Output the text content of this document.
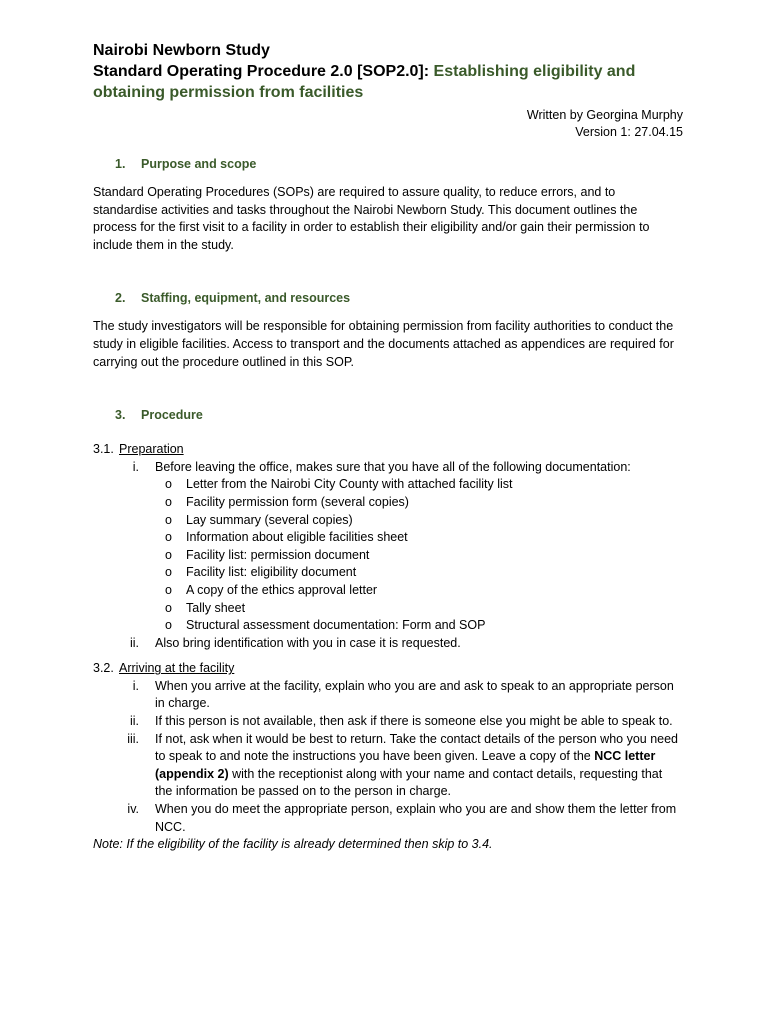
Nairobi Newborn Study
Standard Operating Procedure 2.0 [SOP2.0]: Establishing eligibility and
obtaining permission from facilities
Written by Georgina Murphy
Version 1: 27.04.15
1. Purpose and scope

Standard Operating Procedures (SOPs) are required to assure quality, to reduce errors, and to standardise activities and tasks throughout the Nairobi Newborn Study. This document outlines the process for the first visit to a facility in order to establish their eligibility and/or gain their permission to include them in the study.

2. Staffing, equipment, and resources

The study investigators will be responsible for obtaining permission from facility authorities to conduct the study in eligible facilities. Access to transport and the documents attached as appendices are required for carrying out the procedure outlined in this SOP.

3. Procedure
3.1. Preparation
i.	Before leaving the office, makes sure that you have all of the following documentation:
o	Letter from the Nairobi City County with attached facility list
o	Facility permission form (several copies)
o	Lay summary (several copies)
o	Information about eligible facilities sheet
o	Facility list: permission document
o	Facility list: eligibility document
o	A copy of the ethics approval letter
o	Tally sheet
o	Structural assessment documentation: Form and SOP
ii.	Also bring identification with you in case it is requested.
3.2. Arriving at the facility
i.	When you arrive at the facility, explain who you are and ask to speak to an appropriate person in charge.
ii.	If this person is not available, then ask if there is someone else you might be able to speak to.
iii.	If not, ask when it would be best to return. Take the contact details of the person who you need to speak to and note the instructions you have been given. Leave a copy of the NCC letter (appendix 2) with the receptionist along with your name and contact details, requesting that the information be passed on to the person in charge.
iv.	When you do meet the appropriate person, explain who you are and show them the letter from NCC.
Note: If the eligibility of the facility is already determined then skip to 3.4.
